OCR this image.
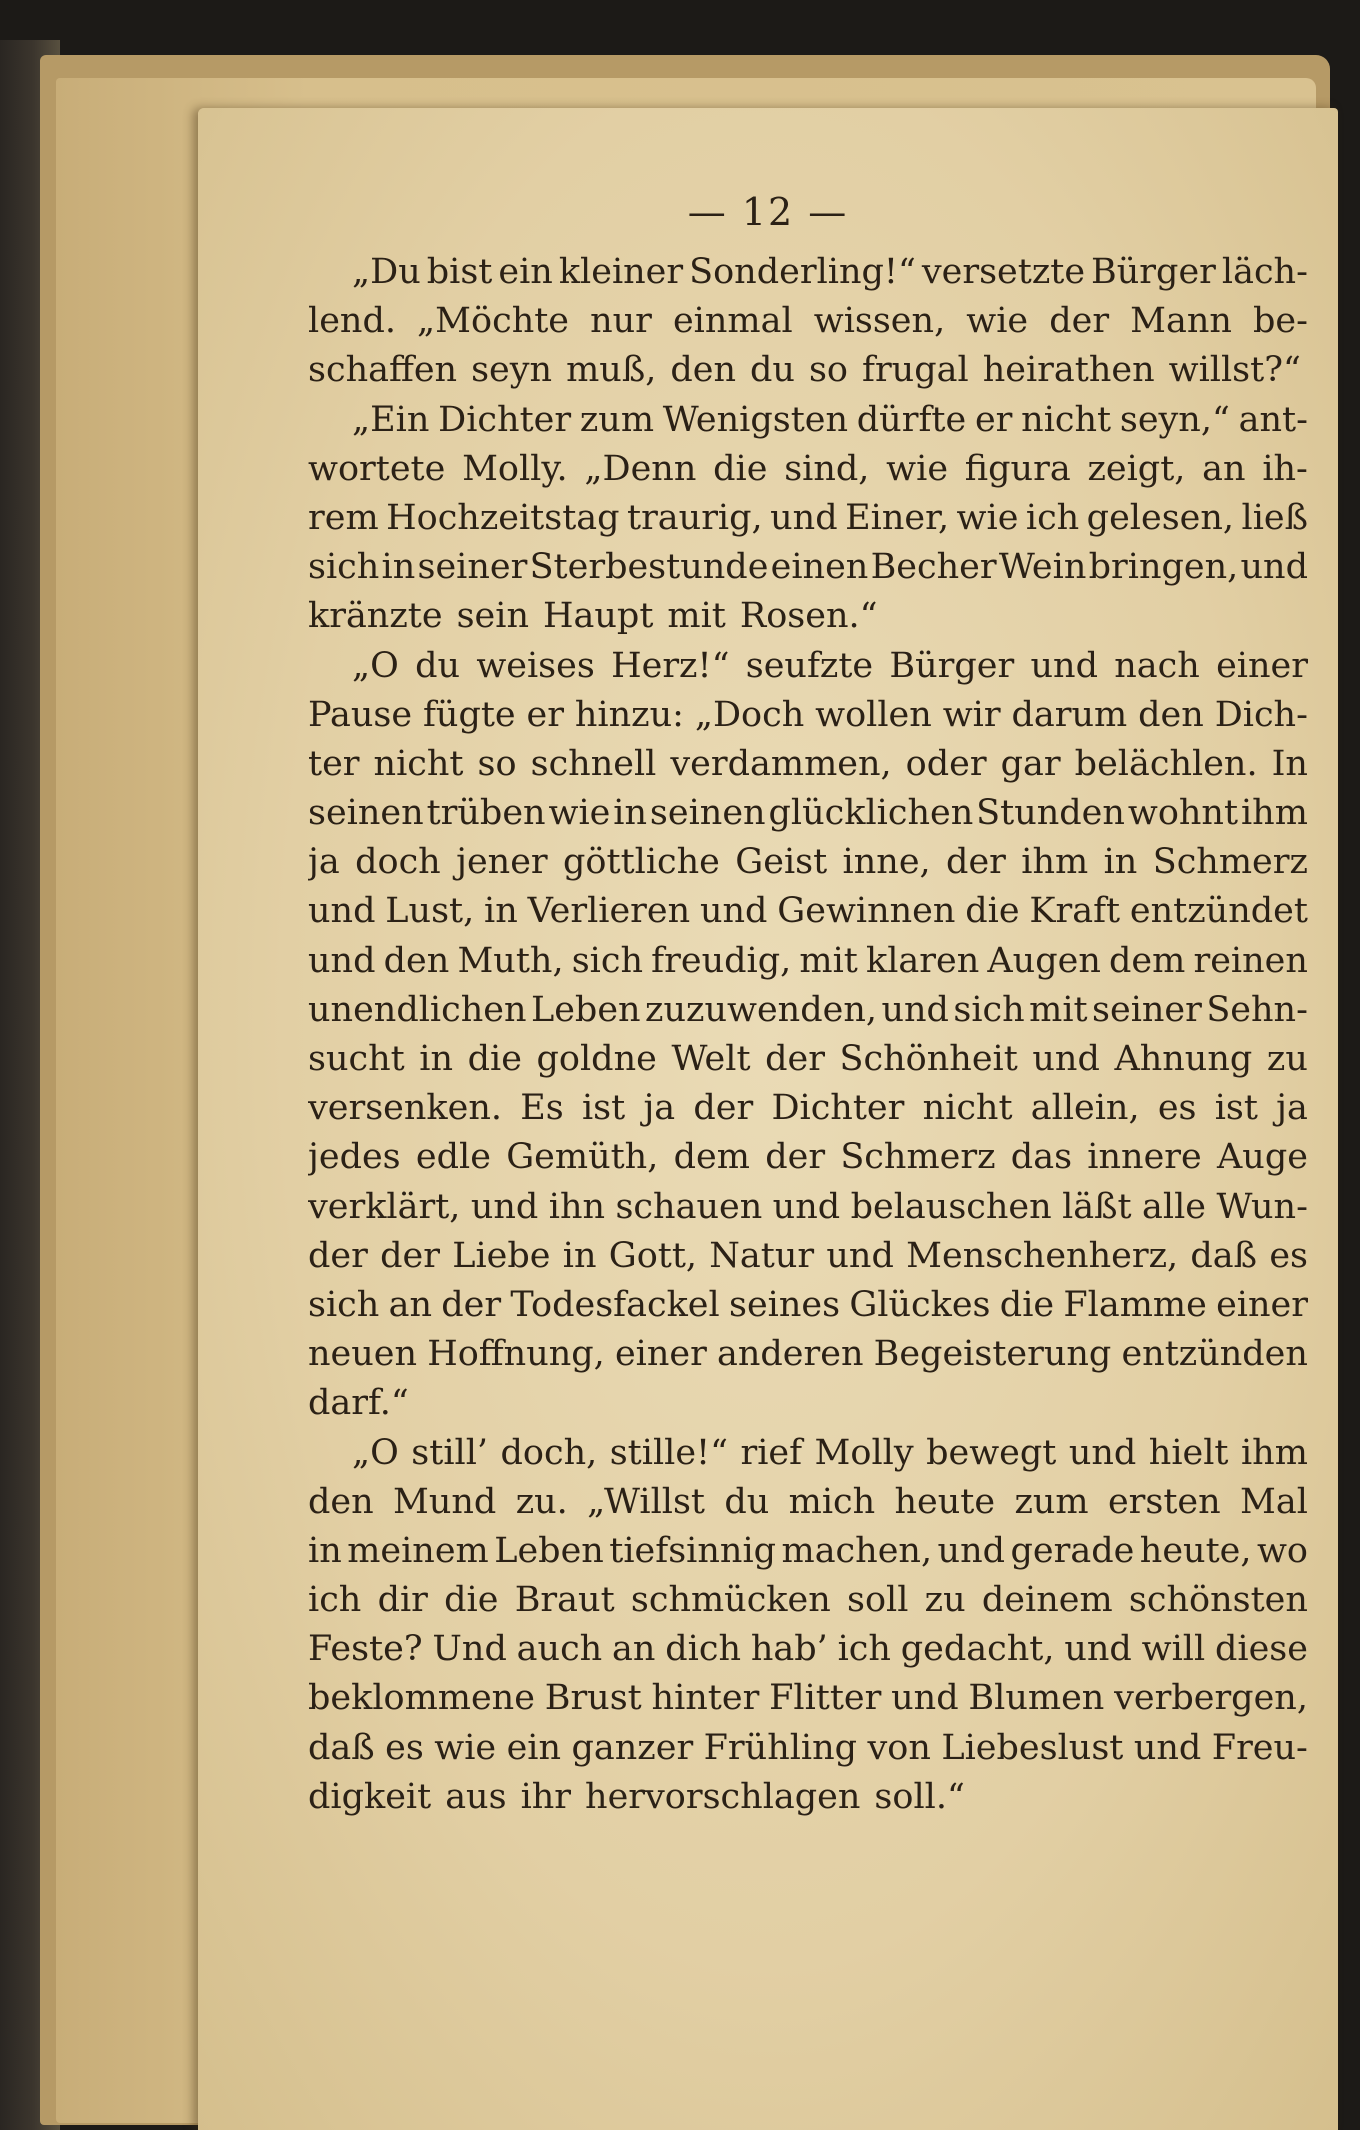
— 12 —
„Du bist ein kleiner Sonderling!“ versetzte Bürger läch-
lend. „Möchte nur einmal wissen, wie der Mann be-
schaffen seyn muß, den du so frugal heirathen willst?“
„Ein Dichter zum Wenigsten dürfte er nicht seyn,“ ant-
wortete Molly. „Denn die sind, wie figura zeigt, an ih-
rem Hochzeitstag traurig, und Einer, wie ich gelesen, ließ
sich in seiner Sterbestunde einen Becher Wein bringen, und
kränzte sein Haupt mit Rosen.“
„O du weises Herz!“ seufzte Bürger und nach einer
Pause fügte er hinzu: „Doch wollen wir darum den Dich-
ter nicht so schnell verdammen, oder gar belächlen. In
seinen trüben wie in seinen glücklichen Stunden wohnt ihm
ja doch jener göttliche Geist inne, der ihm in Schmerz
und Lust, in Verlieren und Gewinnen die Kraft entzündet
und den Muth, sich freudig, mit klaren Augen dem reinen
unendlichen Leben zuzuwenden, und sich mit seiner Sehn-
sucht in die goldne Welt der Schönheit und Ahnung zu
versenken. Es ist ja der Dichter nicht allein, es ist ja
jedes edle Gemüth, dem der Schmerz das innere Auge
verklärt, und ihn schauen und belauschen läßt alle Wun-
der der Liebe in Gott, Natur und Menschenherz, daß es
sich an der Todesfackel seines Glückes die Flamme einer
neuen Hoffnung, einer anderen Begeisterung entzünden
darf.“
„O still’ doch, stille!“ rief Molly bewegt und hielt ihm
den Mund zu. „Willst du mich heute zum ersten Mal
in meinem Leben tiefsinnig machen, und gerade heute, wo
ich dir die Braut schmücken soll zu deinem schönsten
Feste? Und auch an dich hab’ ich gedacht, und will diese
beklommene Brust hinter Flitter und Blumen verbergen,
daß es wie ein ganzer Frühling von Liebeslust und Freu-
digkeit aus ihr hervorschlagen soll.“
